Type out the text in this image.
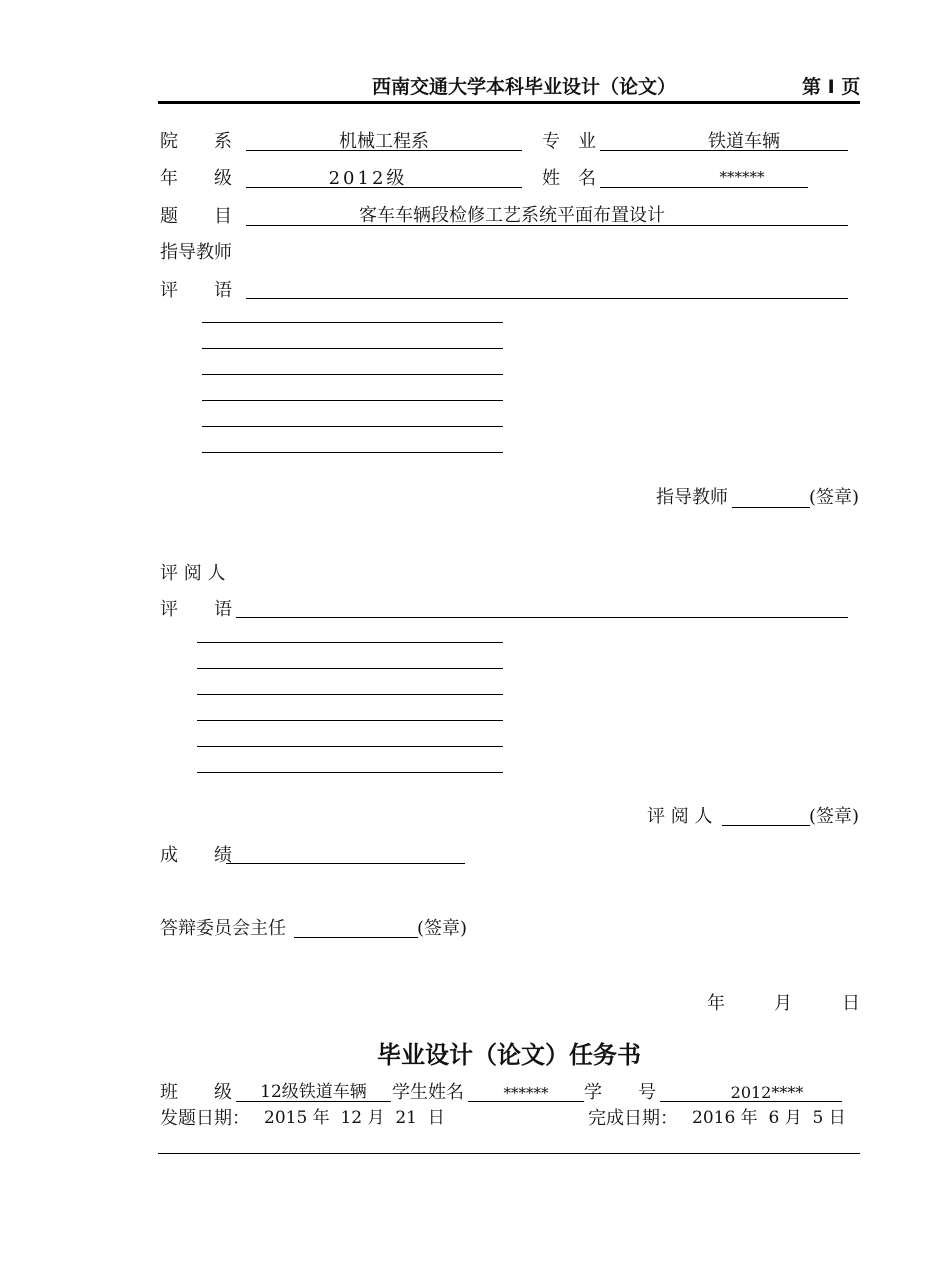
西南交通大学本科毕业设计（论文）	第 Ⅰ 页
院　　系	机械工程系	专　业	铁道车辆
年　　级	2012级	姓　名	******
题　　目	客车车辆段检修工艺系统平面布置设计
指导教师
评　　语
指导教师	(签章)
评 阅 人
评　　语
评 阅 人	(签章)
成　　绩
答辩委员会主任	(签章)
年	月	日
毕业设计（论文）任务书
班　　级	12级铁道车辆	学生姓名	******	学　　号	2012****
发题日期： 2015 年  12 月  21  日	完成日期： 2016 年  6 月  5 日
